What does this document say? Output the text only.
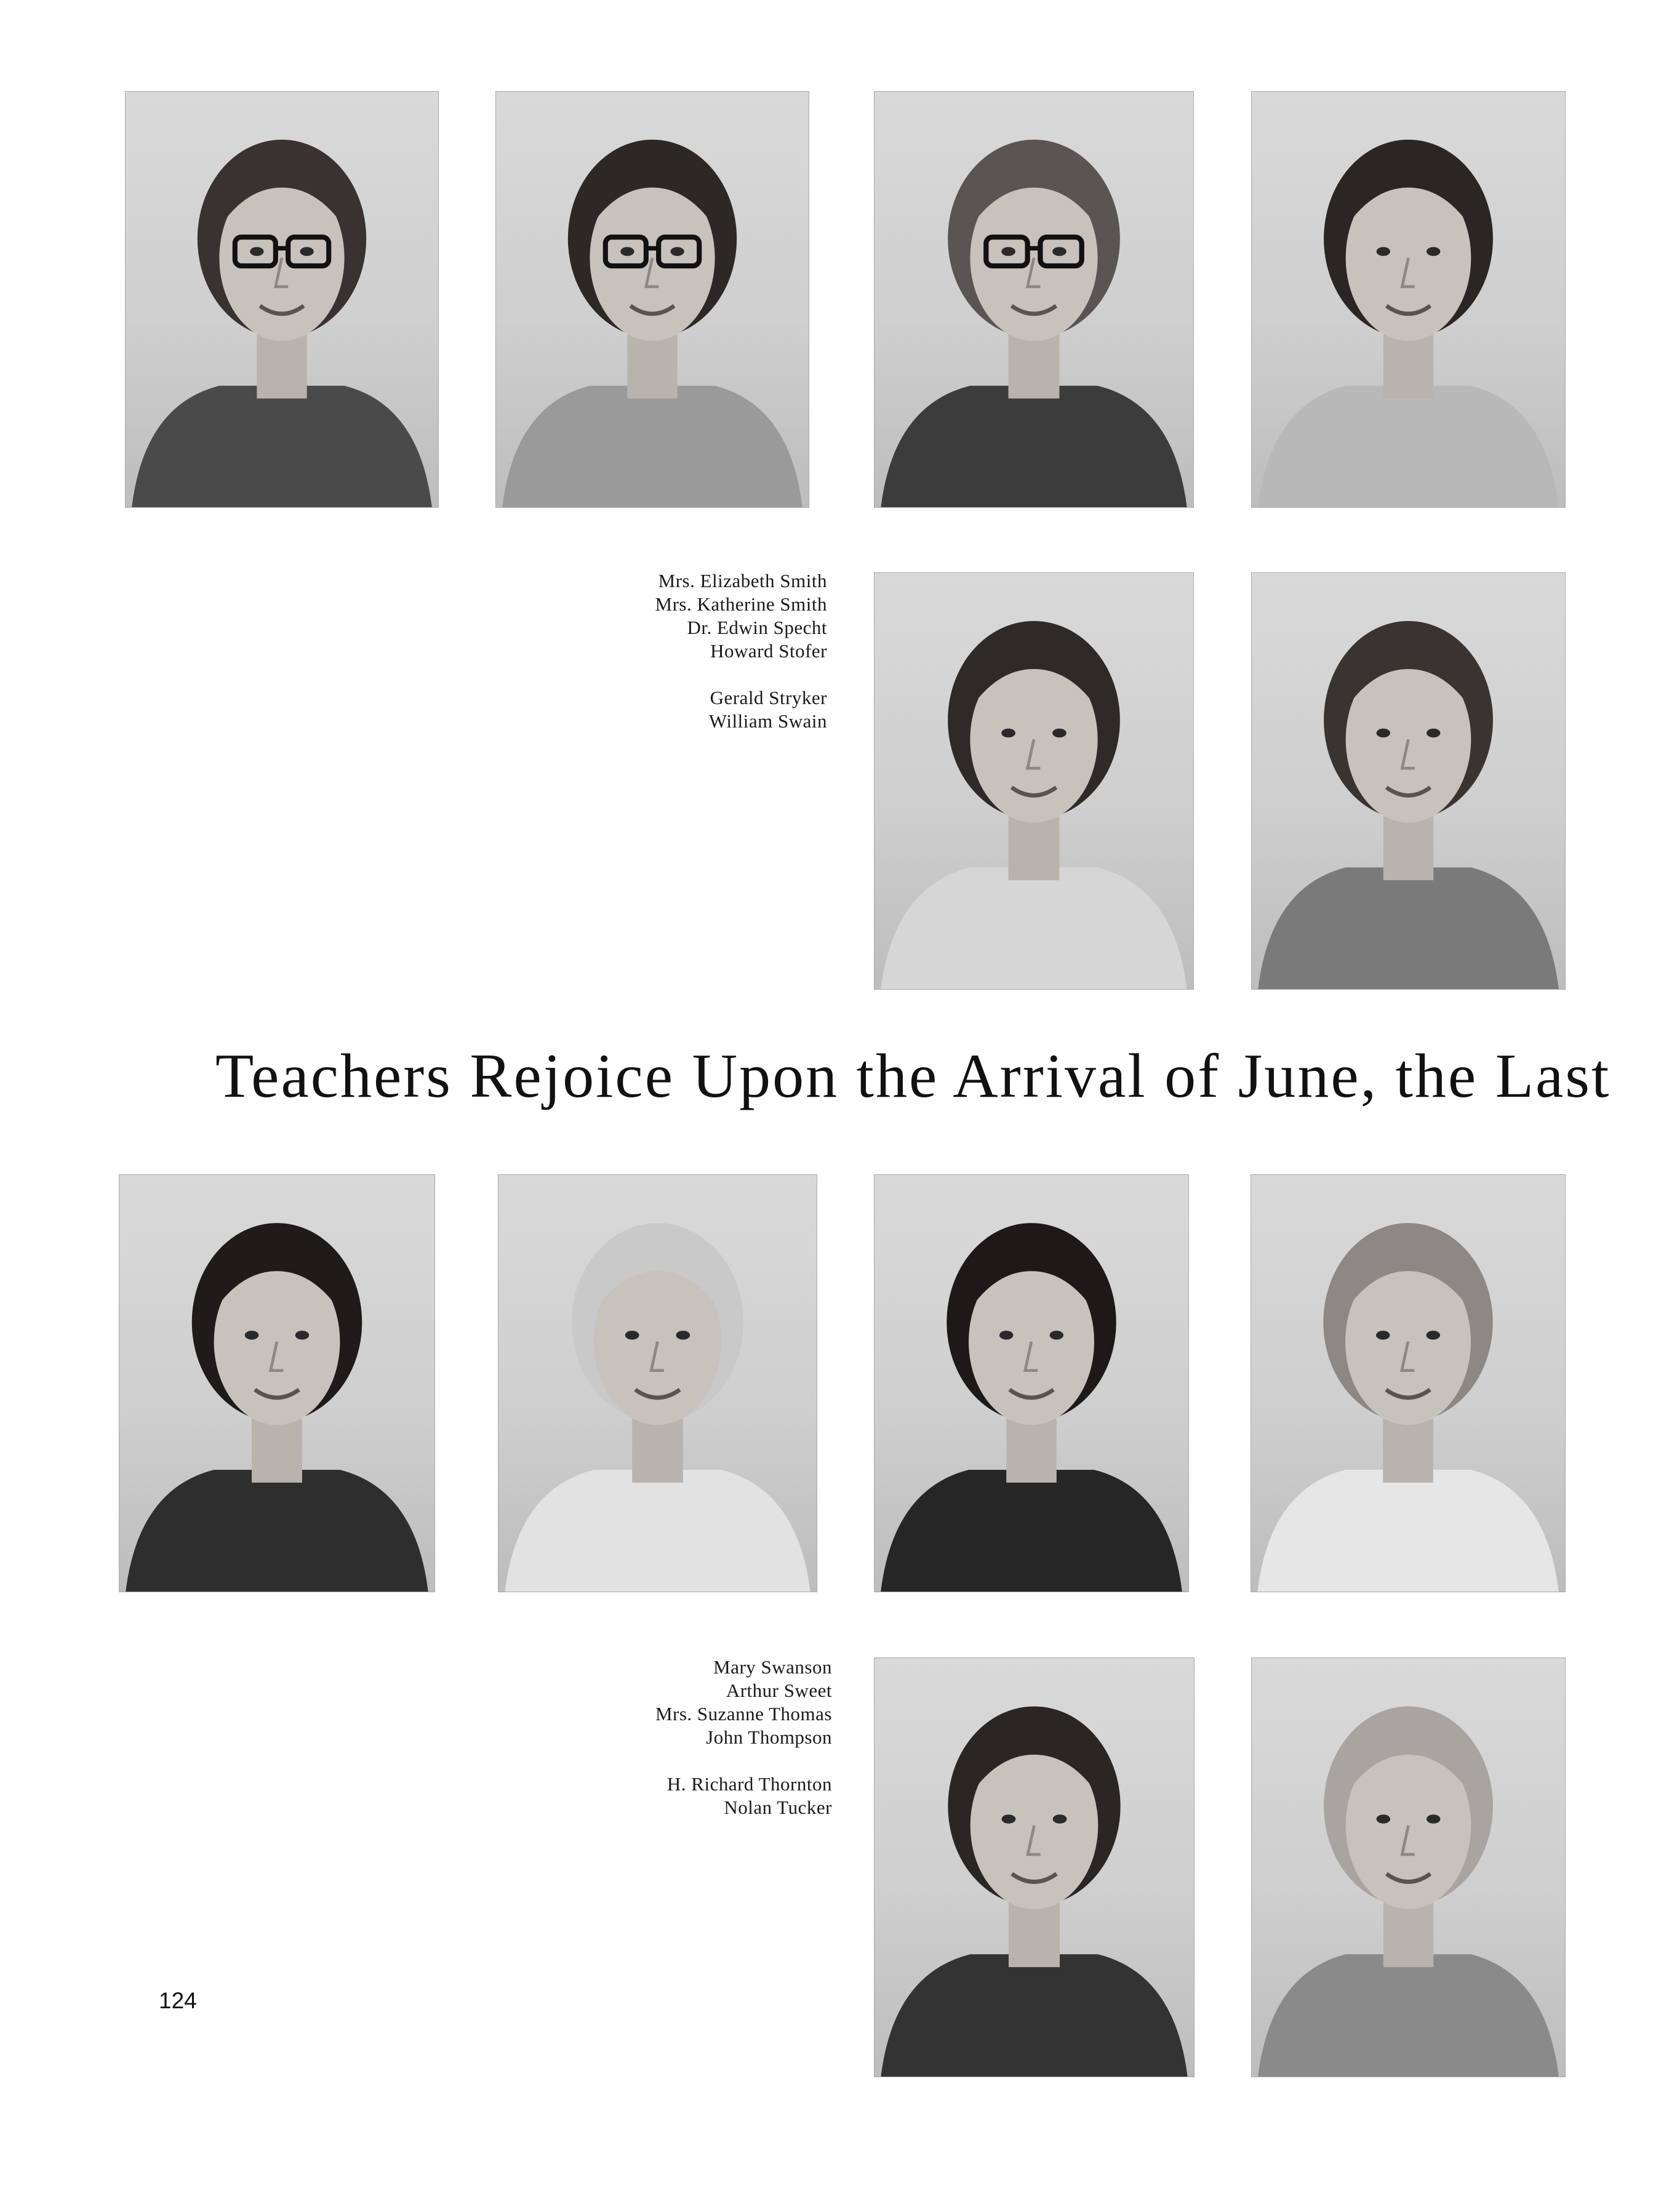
Mrs. Elizabeth Smith
Mrs. Katherine Smith
Dr. Edwin Specht
Howard Stofer
Gerald Stryker
William Swain
Teachers Rejoice Upon the Arrival of June, the Last
Mary Swanson
Arthur Sweet
Mrs. Suzanne Thomas
John Thompson
H. Richard Thornton
Nolan Tucker
124
